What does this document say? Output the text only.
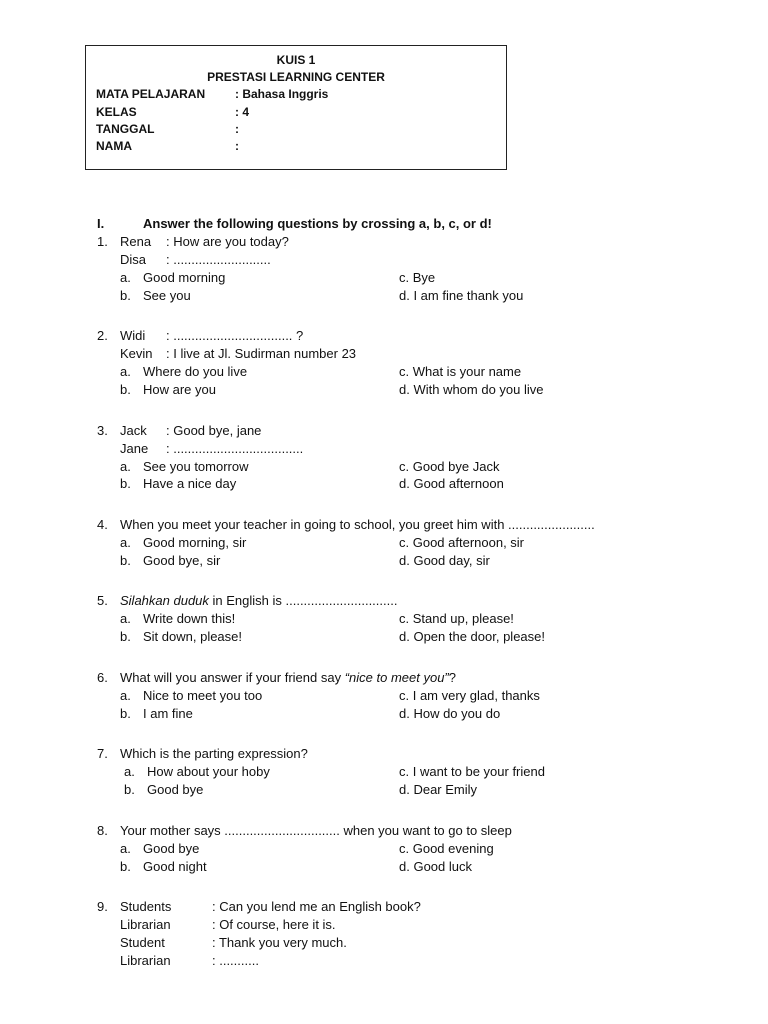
KUIS 1
PRESTASI LEARNING CENTER
MATA PELAJARAN : Bahasa Inggris
KELAS	: 4
TANGGAL	:
NAMA	:
I.	Answer the following questions by crossing a, b, c, or d!
1. Rena : How are you today?
Disa : ...........................
a. Good morning	c. Bye
b. See you	d. I am fine thank you
2. Widi : ................................. ?
Kevin : I live at Jl. Sudirman number 23
a. Where do you live	c. What is your name
b. How are you	d. With whom do you live
3. Jack : Good bye, jane
Jane : ....................................
a. See you tomorrow	c. Good bye Jack
b. Have a nice day	d. Good afternoon
4. When you meet your teacher in going to school, you greet him with ........................
a. Good morning, sir	c. Good afternoon, sir
b. Good bye, sir	d. Good day, sir
5. Silahkan duduk in English is ...............................
a. Write down this!	c. Stand up, please!
b. Sit down, please!	d. Open the door, please!
6. What will you answer if your friend say “nice to meet you”?
a. Nice to meet you too	c. I am very glad, thanks
b. I am fine	d. How do you do
7. Which is the parting expression?
a. How about your hoby	c. I want to be your friend
b. Good bye	d. Dear Emily
8. Your mother says ................................ when you want to go to sleep
a. Good bye	c. Good evening
b. Good night	d. Good luck
9. Students	: Can you lend me an English book?
Librarian	: Of course, here it is.
Student	: Thank you very much.
Librarian	: ...........
